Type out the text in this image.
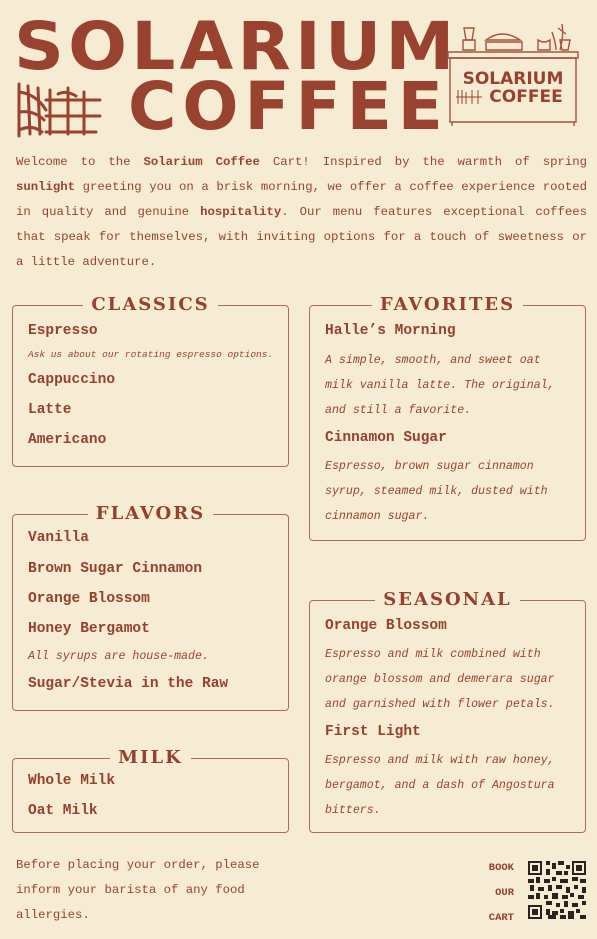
SOLARIUM
COFFEE SOLARIUM
COFFEE

Welcome to the Solarium Coffee Cart! Inspired by the warmth of spring sunlight greeting you on a brisk morning, we offer a coffee experience rooted in quality and genuine hospitality. Our menu features exceptional coffees that speak for themselves, with inviting options for a touch of sweetness or a little adventure.

CLASSICS
Espresso
Ask us about our rotating espresso options.
Cappuccino
Latte
Americano
FAVORITES
Halle’s Morning

A simple, smooth, and sweet oat milk vanilla latte. The original, and still a favorite.

Cinnamon Sugar

Espresso, brown sugar cinnamon syrup, steamed milk, dusted with cinnamon sugar.

FLAVORS
Vanilla
Brown Sugar Cinnamon
Orange Blossom
Honey Bergamot
All syrups are house-made.
Sugar/Stevia in the Raw
MILK
Whole Milk
Oat Milk
SEASONAL
Orange Blossom

Espresso and milk combined with orange blossom and demerara sugar and garnished with flower petals.

First Light

Espresso and milk with raw honey, bergamot, and a dash of Angostura bitters.

Before placing your order, please inform your barista of any food allergies.

BOOK
OUR
CART
